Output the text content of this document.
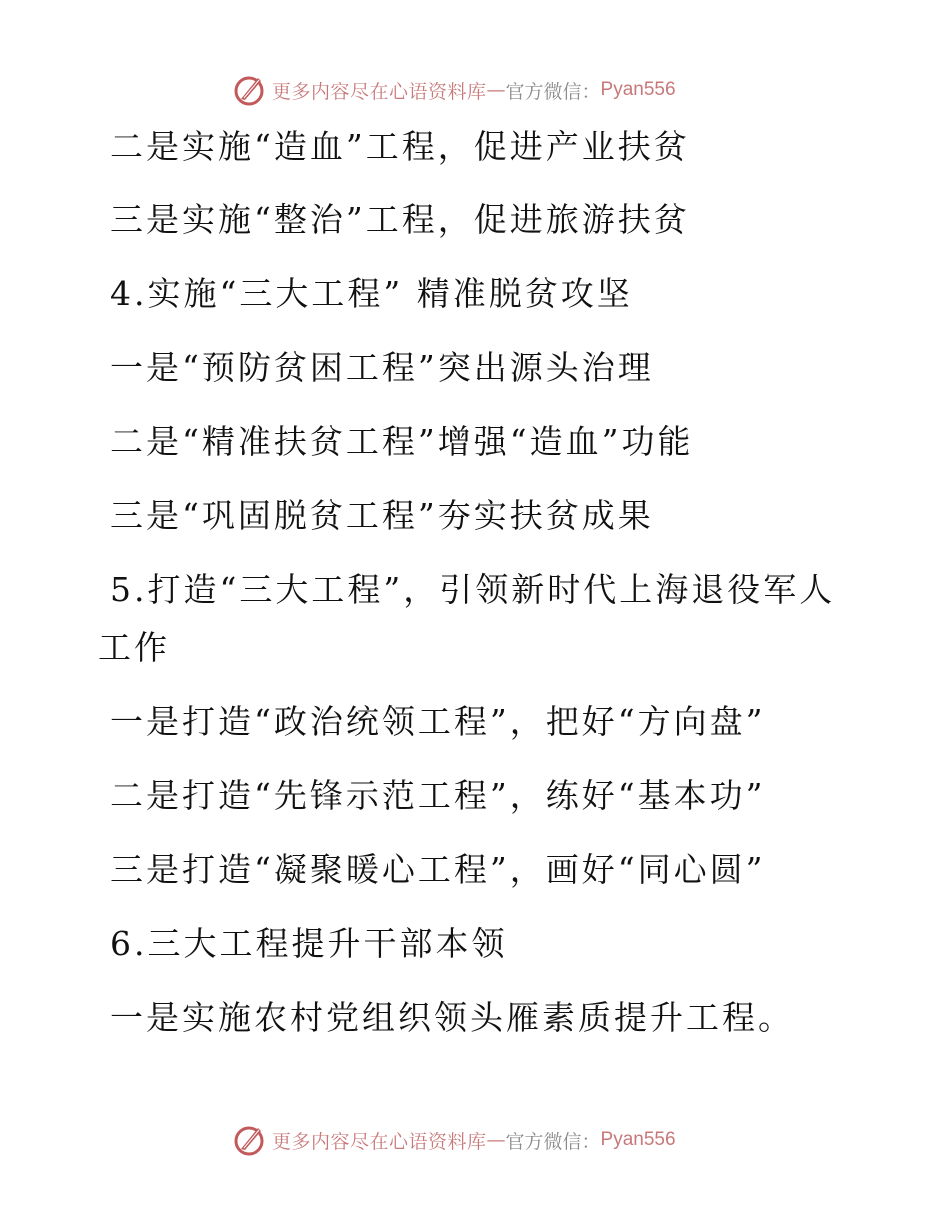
更多内容尽在心语资料库 — 官方微信： Pyan556
二是实施“造血”工程，促进产业扶贫
三是实施“整治”工程，促进旅游扶贫
4.实施“三大工程” 精准脱贫攻坚
一是“预防贫困工程”突出源头治理
二是“精准扶贫工程”增强“造血”功能
三是“巩固脱贫工程”夯实扶贫成果
5.打造“三大工程”，引领新时代上海退役军人
工作
一是打造“政治统领工程”，把好“方向盘”
二是打造“先锋示范工程”，练好“基本功”
三是打造“凝聚暖心工程”，画好“同心圆”
6.三大工程提升干部本领
一是实施农村党组织领头雁素质提升工程。
更多内容尽在心语资料库 — 官方微信： Pyan556
